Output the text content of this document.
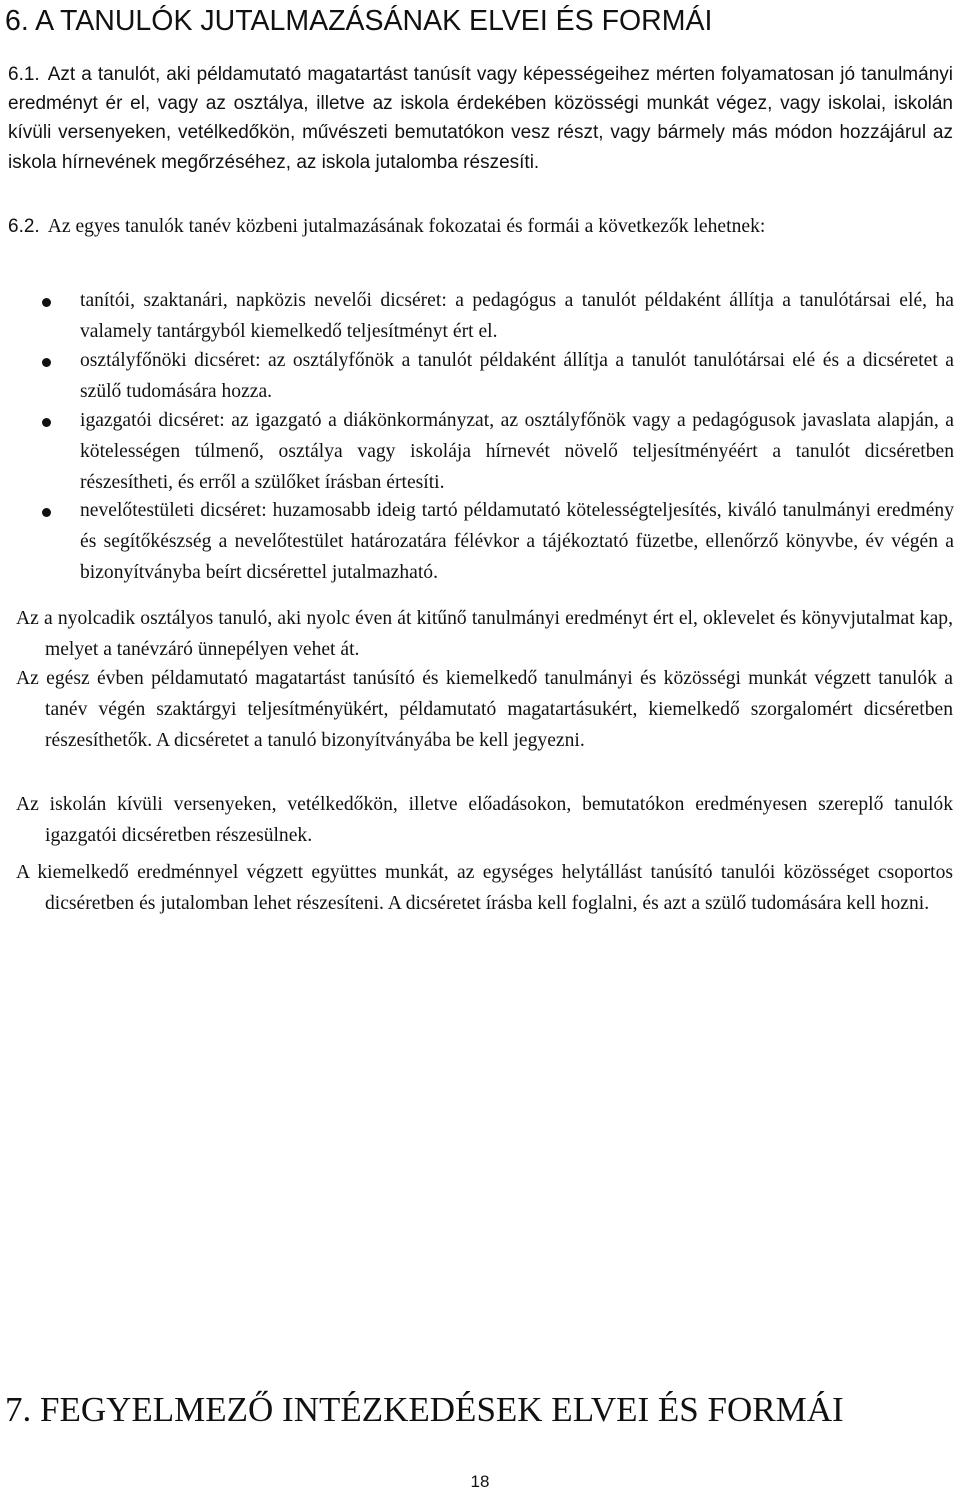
6. A TANULÓK JUTALMAZÁSÁNAK ELVEI ÉS FORMÁI

6.1. Azt a tanulót, aki példamutató magatartást tanúsít vagy képességeihez mérten folyamatosan jó tanulmányi eredményt ér el, vagy az osztálya, illetve az iskola érdekében közösségi munkát végez, vagy iskolai, iskolán kívüli versenyeken, vetélkedőkön, művészeti bemutatókon vesz részt, vagy bármely más módon hozzájárul az iskola hírnevének megőrzéséhez, az iskola jutalomba részesíti.

6.2. Az egyes tanulók tanév közbeni jutalmazásának fokozatai és formái a következők lehetnek:

tanítói, szaktanári, napközis nevelői dicséret: a pedagógus a tanulót példaként állítja a tanulótársai elé, ha valamely tantárgyból kiemelkedő teljesítményt ért el.
osztályfőnöki dicséret: az osztályfőnök a tanulót példaként állítja a tanulót tanulótársai elé és a dicséretet a szülő tudomására hozza.
igazgatói dicséret: az igazgató a diákönkormányzat, az osztályfőnök vagy a pedagógusok javaslata alapján, a kötelességen túlmenő, osztálya vagy iskolája hírnevét növelő teljesítményéért a tanulót dicséretben részesítheti, és erről a szülőket írásban értesíti.
nevelőtestületi dicséret: huzamosabb ideig tartó példamutató kötelességteljesítés, kiváló tanulmányi eredmény és segítőkészség a nevelőtestület határozatára félévkor a tájékoztató füzetbe, ellenőrző könyvbe, év végén a bizonyítványba beírt dicsérettel jutalmazható.
Az a nyolcadik osztályos tanuló, aki nyolc éven át kitűnő tanulmányi eredményt ért el, oklevelet és könyvjutalmat kap, melyet a tanévzáró ünnepélyen vehet át.
Az egész évben példamutató magatartást tanúsító és kiemelkedő tanulmányi és közösségi munkát végzett tanulók a tanév végén szaktárgyi teljesítményükért, példamutató magatartásukért, kiemelkedő szorgalomért dicséretben részesíthetők. A dicséretet a tanuló bizonyítványába be kell jegyezni.
Az iskolán kívüli versenyeken, vetélkedőkön, illetve előadásokon, bemutatókon eredményesen szereplő tanulók igazgatói dicséretben részesülnek.
A kiemelkedő eredménnyel végzett együttes munkát, az egységes helytállást tanúsító tanulói közösséget csoportos dicséretben és jutalomban lehet részesíteni. A dicséretet írásba kell foglalni, és azt a szülő tudomására kell hozni.
7. FEGYELMEZŐ INTÉZKEDÉSEK ELVEI ÉS FORMÁI
18
